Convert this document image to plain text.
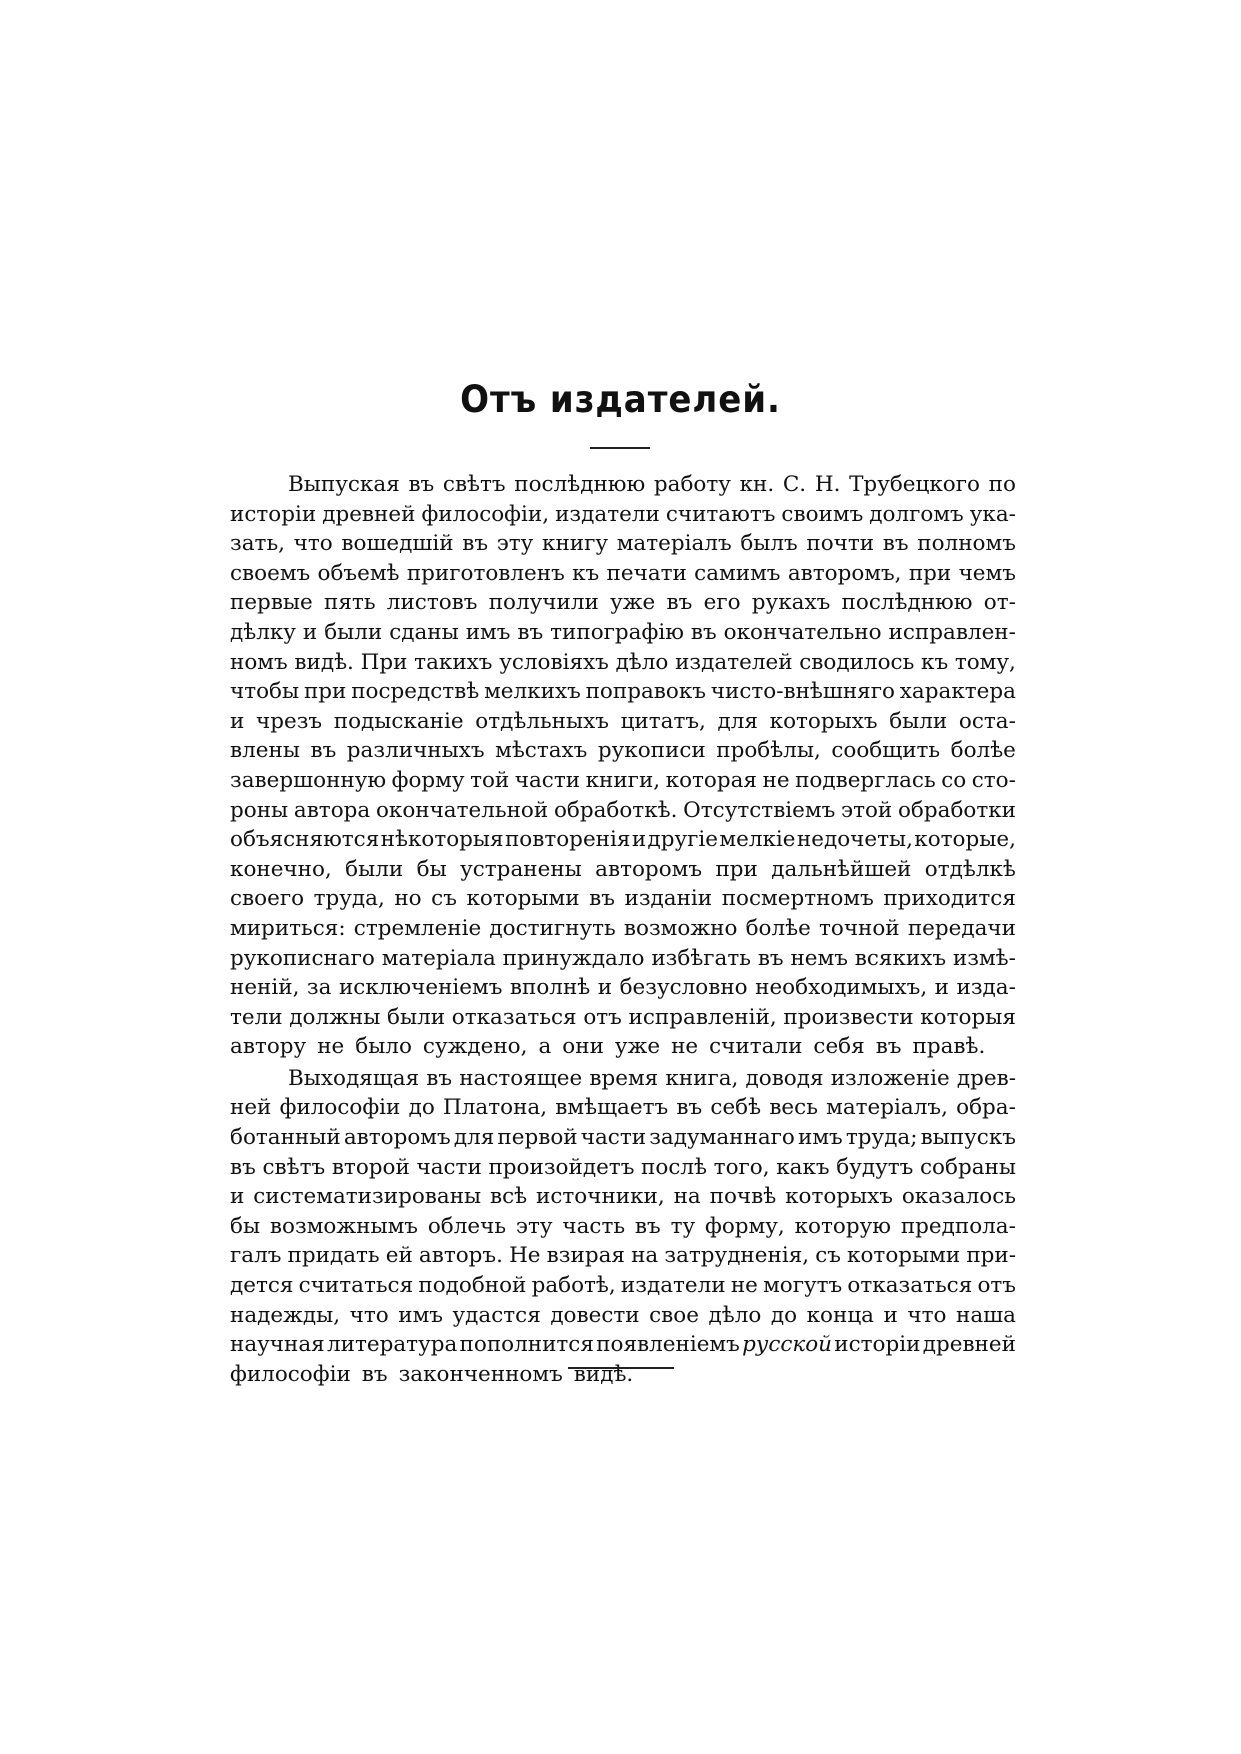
Отъ издателей.
Выпуская въ свѣтъ послѣднюю работу кн. С. Н. Трубецкого по
исторіи древней философіи, издатели считаютъ своимъ долгомъ ука-
зать, что вошедшій въ эту книгу матеріалъ былъ почти въ полномъ
своемъ объемѣ приготовленъ къ печати самимъ авторомъ, при чемъ
первые пять листовъ получили уже въ его рукахъ послѣднюю от-
дѣлку и были сданы имъ въ типографію въ окончательно исправлен-
номъ видѣ. При такихъ условіяхъ дѣло издателей сводилось къ тому,
чтобы при посредствѣ мелкихъ поправокъ чисто-внѣшняго характера
и чрезъ подысканіе отдѣльныхъ цитатъ, для которыхъ были оста-
влены въ различныхъ мѣстахъ рукописи пробѣлы, сообщить болѣе
завершонную форму той части книги, которая не подверглась со сто-
роны автора окончательной обработкѣ. Отсутствіемъ этой обработки
объясняются нѣкоторыя повторенія и другіе мелкіе недочеты, которые,
конечно, были бы устранены авторомъ при дальнѣйшей отдѣлкѣ
своего труда, но съ которыми въ изданіи посмертномъ приходится
мириться: стремленіе достигнуть возможно болѣе точной передачи
рукописнаго матеріала принуждало избѣгать въ немъ всякихъ измѣ-
неній, за исключеніемъ вполнѣ и безусловно необходимыхъ, и изда-
тели должны были отказаться отъ исправленій, произвести которыя
автору не было суждено, а они уже не считали себя въ правѣ.
Выходящая въ настоящее время книга, доводя изложеніе древ-
ней философіи до Платона, вмѣщаетъ въ себѣ весь матеріалъ, обра-
ботанный авторомъ для первой части задуманнаго имъ труда; выпускъ
въ свѣтъ второй части произойдетъ послѣ того, какъ будутъ собраны
и систематизированы всѣ источники, на почвѣ которыхъ оказалось
бы возможнымъ облечь эту часть въ ту форму, которую предпола-
галъ придать ей авторъ. Не взирая на затрудненія, съ которыми при-
дется считаться подобной работѣ, издатели не могутъ отказаться отъ
надежды, что имъ удастся довести свое дѣло до конца и что наша
научная литература пополнится появленіемъ русской исторіи древней
философіи въ законченномъ видѣ.
